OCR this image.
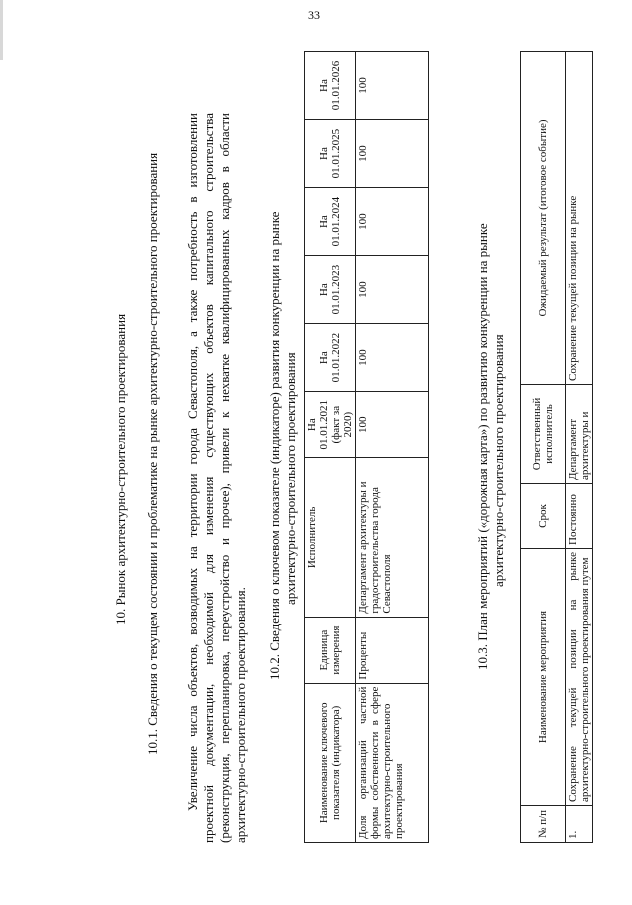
33
10. Рынок архитектурно-строительного проектирования 10.1. Сведения о текущем состоянии и проблематике на рынке архитектурно-строительного проектирования Увеличение числа объектов, возводимых на территории города Севастополя, а также потребность в изготовлении проектной документации, необходимой для изменения существующих объектов капитального строительства (реконструкция, перепланировка, переустройство и прочее), привели к нехватке квалифицированных кадров в области архитектурно-строительного проектирования.
10.2. Сведения о ключевом показателе (индикаторе) развития конкуренции на рынке архитектурно-строительного проектирования
Наименование ключевого показателя (индикатора)	Единица измерения	Исполнитель	На 01.01.2021 (факт за 2020)	На 01.01.2022	На 01.01.2023	На 01.01.2024	На 01.01.2025	На 01.01.2026
Доля организаций частной формы собственности в сфере архитектурно-строительного проектирования	Проценты	Департамент архитектуры и градостроительства города Севастополя	100	100	100	100	100	100
10.3. План мероприятий («дорожная карта») по развитию конкуренции на рынке архитектурно-строительного проектирования
№ п/п	Наименование мероприятия	Срок	Ответственный исполнитель	Ожидаемый результат (итоговое событие)
1.	Сохранение текущей позиции на рынке архитектурно-строительного проектирования путем	Постоянно	Департамент архитектуры и	Сохранение текущей позиции на рынке
